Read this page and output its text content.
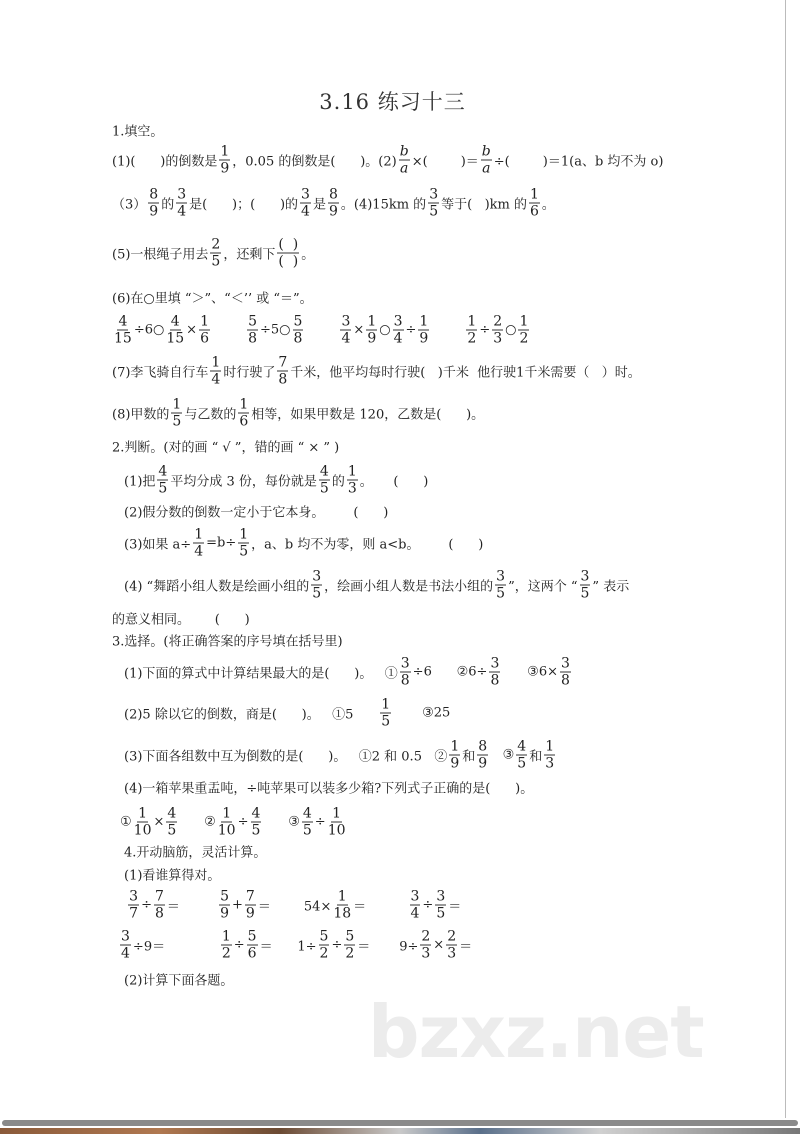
3.16 练习十三
1.填空。
(1)(      )的倒数是 $\frac{1}{9}$ ，0.05 的倒数是(      )。$(2) \frac{b}{a}$ ×(        )＝ $\frac{b}{a}$ ÷(        )＝1(a、b 均不为 o)
$(3) \frac{8}{9}$ 的 $\frac{3}{4}$ 是(      )；(      )的 $\frac{3}{4}$ 是 $\frac{8}{9}$ 。(4)15km 的 $\frac{3}{5}$ 等于(   )km 的 $\frac{1}{6}$ 。
(5)一根绳子用去 $\frac{2}{5}$ ，还剩下 $\frac{( )}{( )}$ 。
(6)在○里填 “＞”、“＜’’ 或 “＝”。
$\frac{4}{15}$ ÷6○ $\frac{4}{15} \times \frac{1}{6}$
	$\frac{5}{8}$ ÷5○ $\frac{5}{8}$
	$\frac{3}{4} \times \frac{1}{9}$ ○ $\frac{3}{4} \div \frac{1}{9}$
	$\frac{1}{2} \div \frac{2}{3}$ ○ $\frac{1}{2}$
(7)李飞骑自行车 $\frac{1}{4}$ 时行驶了 $\frac{7}{8}$ 千米，他平均每时行驶(   )千米  他行驶1千米需要（   ）时。
(8)甲数的 $\frac{1}{5}$ 与乙数的 $\frac{1}{6}$ 相等，如果甲数是 120，乙数是(      )。
2.判断。(对的画 “ √ ”，错的画 “ × ” )
(1)把 $\frac{4}{5}$ 平均分成 3 份，每份就是 $\frac{4}{5}$ 的 $\frac{1}{3}$ 。     (      )
(2)假分数的倒数一定小于它本身。       (      )
(3)如果 $a\div \frac{1}{4} =b\div \frac{1}{5}$ ，a、b 均不为零，则 a<b。       (      )
(4) “舞蹈小组人数是绘画小组的 $\frac{3}{5}$ ，绘画小组人数是书法小组的 $\frac{3}{5}$ ”，这两个 “ $\frac{3}{5}$ ” 表示
的意义相同。      (      )
3.选择。(将正确答案的序号填在括号里)
(1)下面的算式中计算结果最大的是(      )。   ① $\frac{3}{8} \div 6$      ②6÷ $\frac{3}{8}$ ③6× $\frac{3}{8}$
(2)5 除以它的倒数，商是(      )。   ①5 $\frac{1}{5}$ ③25
(3)下面各组数中互为倒数的是(      )。   ①2 和 0.5   ② $\frac{1}{9}$ 和 $\frac{8}{9}$ ③ $\frac{4}{5}$ 和 $\frac{1}{3}$
(4)一箱苹果重盂吨，÷吨苹果可以装多少箱?下列式子正确的是(      )。
① $\frac{1}{10} \times \frac{4}{5}$ ② $\frac{1}{10} \div \frac{4}{5}$ ③ $\frac{4}{5} \div \frac{1}{10}$
4.开动脑筋，灵活计算。
(1)看谁算得对。

$\frac{3}{7} \div \frac{7}{8} = \frac{5}{9} + \frac{7}{9}$ ＝        $54\times \frac{1}{18} = \frac{3}{4} \div \frac{3}{5}$ ＝
$\frac{3}{4} \div 9= \frac{1}{2} \div \frac{5}{6}$ ＝      $1\div \frac{5}{2} \div \frac{5}{2}$ ＝       $9\div \frac{2}{3} \times \frac{2}{3}$ ＝
(2)计算下面各题。
bzxz.net
